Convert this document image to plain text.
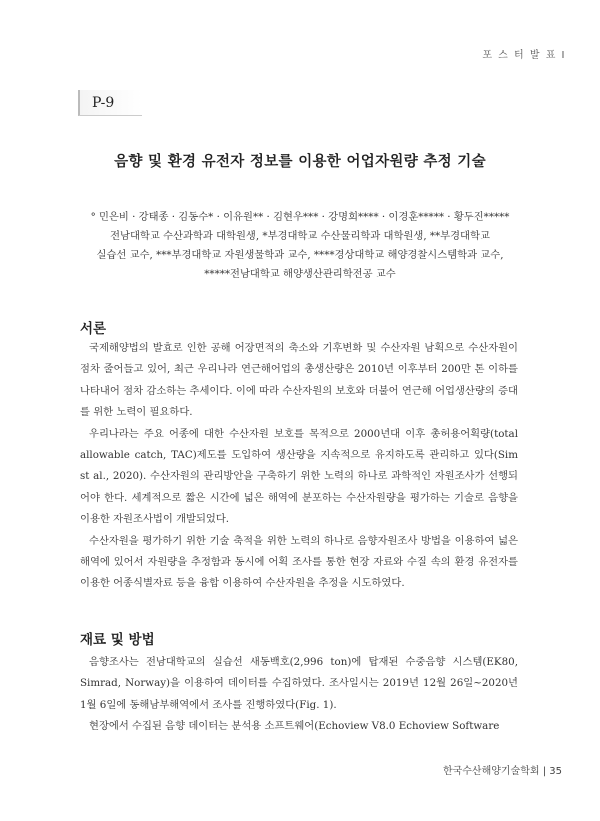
포 스 터 발 표 I
P-9
음향 및 환경 유전자 정보를 이용한 어업자원량 추정 기술
° 민은비 · 강태종 · 김동수* · 이유원** · 김현우*** · 강명희**** · 이경훈***** · 황두진*****
전남대학교 수산과학과 대학원생, *부경대학교 수산물리학과 대학원생, **부경대학교
실습선 교수, ***부경대학교 자원생물학과 교수, ****경상대학교 해양경찰시스템학과 교수,
*****전남대학교 해양생산관리학전공 교수
서론

국제해양법의 발효로 인한 공해 어장면적의 축소와 기후변화 및 수산자원 남획으로 수산자원이 점차 줄어들고 있어, 최근 우리나라 연근해어업의 총생산량은 2010년 이후부터 200만 톤 이하를 나타내어 점차 감소하는 추세이다. 이에 따라 수산자원의 보호와 더불어 연근해 어업생산량의 증대를 위한 노력이 필요하다.

우리나라는 주요 어종에 대한 수산자원 보호를 목적으로 2000년대 이후 총허용어획량(total allowable catch, TAC)제도를 도입하여 생산량을 지속적으로 유지하도록 관리하고 있다(Sim st al., 2020). 수산자원의 관리방안을 구축하기 위한 노력의 하나로 과학적인 자원조사가 선행되어야 한다. 세계적으로 짧은 시간에 넓은 해역에 분포하는 수산자원량을 평가하는 기술로 음향을 이용한 자원조사법이 개발되었다.

수산자원을 평가하기 위한 기술 축적을 위한 노력의 하나로 음향자원조사 방법을 이용하여 넓은 해역에 있어서 자원량을 추정함과 동시에 어획 조사를 통한 현장 자료와 수질 속의 환경 유전자를 이용한 어종식별자료 등을 융합 이용하여 수산자원을 추정을 시도하였다.

재료 및 방법

음향조사는 전남대학교의 실습선 새동백호(2,996 ton)에 탑재된 수중음향 시스템(EK80, Simrad, Norway)을 이용하여 데이터를 수집하였다. 조사일시는 2019년 12월 26일~2020년 1월 6일에 동해남부해역에서 조사를 진행하였다(Fig. 1).

현장에서 수집된 음향 데이터는 분석용 소프트웨어(Echoview V8.0 Echoview Software

한국수산해양기술학회 | 35
